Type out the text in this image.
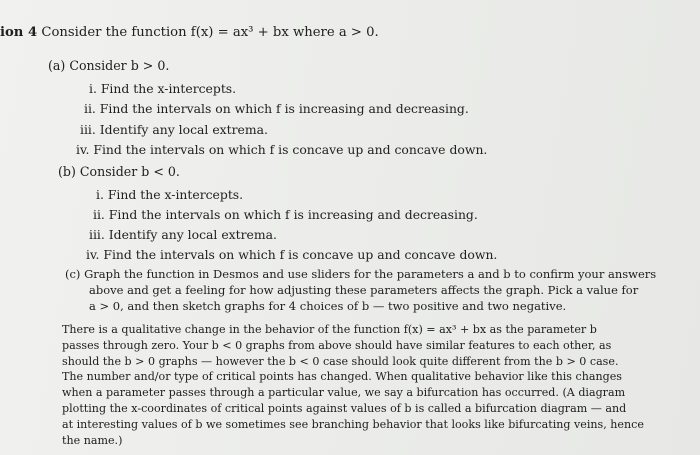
ion 4 Consider the function f(x) = ax³ + bx where a > 0.
(a) Consider b > 0.
i. Find the x-intercepts.
ii. Find the intervals on which f is increasing and decreasing.
iii. Identify any local extrema.
iv. Find the intervals on which f is concave up and concave down.
(b) Consider b < 0.
i. Find the x-intercepts.
ii. Find the intervals on which f is increasing and decreasing.
iii. Identify any local extrema.
iv. Find the intervals on which f is concave up and concave down.
(c) Graph the function in Desmos and use sliders for the parameters a and b to confirm your answers
above and get a feeling for how adjusting these parameters affects the graph. Pick a value for
a > 0, and then sketch graphs for 4 choices of b — two positive and two negative.
There is a qualitative change in the behavior of the function f(x) = ax³ + bx as the parameter b
passes through zero. Your b < 0 graphs from above should have similar features to each other, as
should the b > 0 graphs — however the b < 0 case should look quite different from the b > 0 case.
The number and/or type of critical points has changed. When qualitative behavior like this changes
when a parameter passes through a particular value, we say a bifurcation has occurred. (A diagram
plotting the x-coordinates of critical points against values of b is called a bifurcation diagram — and
at interesting values of b we sometimes see branching behavior that looks like bifurcating veins, hence
the name.)
